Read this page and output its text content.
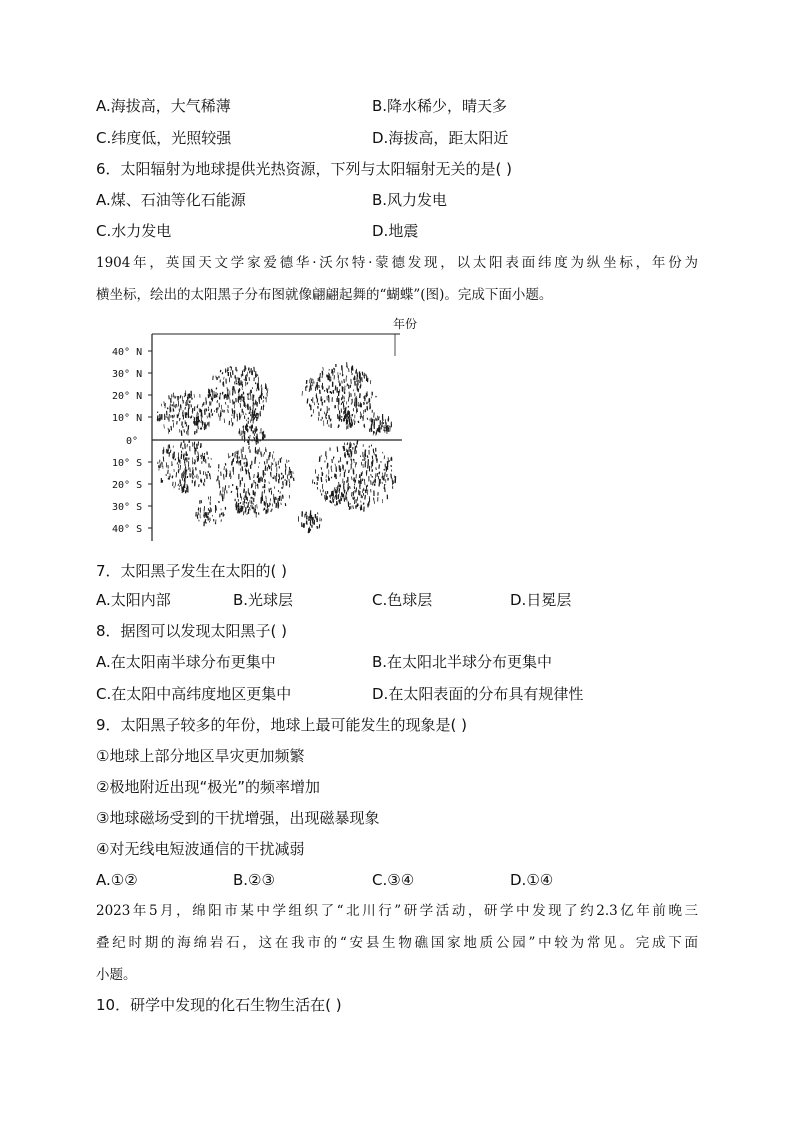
A.海拔高，大气稀薄	B.降水稀少，晴天多
C.纬度低，光照较强	D.海拔高，距太阳近
6．太阳辐射为地球提供光热资源，下列与太阳辐射无关的是( )
A.煤、石油等化石能源	B.风力发电
C.水力发电	D.地震
1904年，英国天文学家爱德华·沃尔特·蒙德发现，以太阳表面纬度为纵坐标，年份为
横坐标，绘出的太阳黑子分布图就像翩翩起舞的“蝴蝶”(图)。完成下面小题。
年份
40° N
30° N
20° N
10° N
0°
10° S
20° S
30° S
40° S
7．太阳黑子发生在太阳的( )
A.太阳内部	B.光球层	C.色球层	D.日冕层
8．据图可以发现太阳黑子( )
A.在太阳南半球分布更集中	B.在太阳北半球分布更集中
C.在太阳中高纬度地区更集中	D.在太阳表面的分布具有规律性
9．太阳黑子较多的年份，地球上最可能发生的现象是( )
①地球上部分地区旱灾更加频繁
②极地附近出现“极光”的频率增加
③地球磁场受到的干扰增强，出现磁暴现象
④对无线电短波通信的干扰减弱
A.①②	B.②③	C.③④	D.①④
2023年5月，绵阳市某中学组织了“北川行”研学活动，研学中发现了约2.3亿年前晚三
叠纪时期的海绵岩石，这在我市的“安县生物礁国家地质公园”中较为常见。完成下面
小题。
10．研学中发现的化石生物生活在( )
